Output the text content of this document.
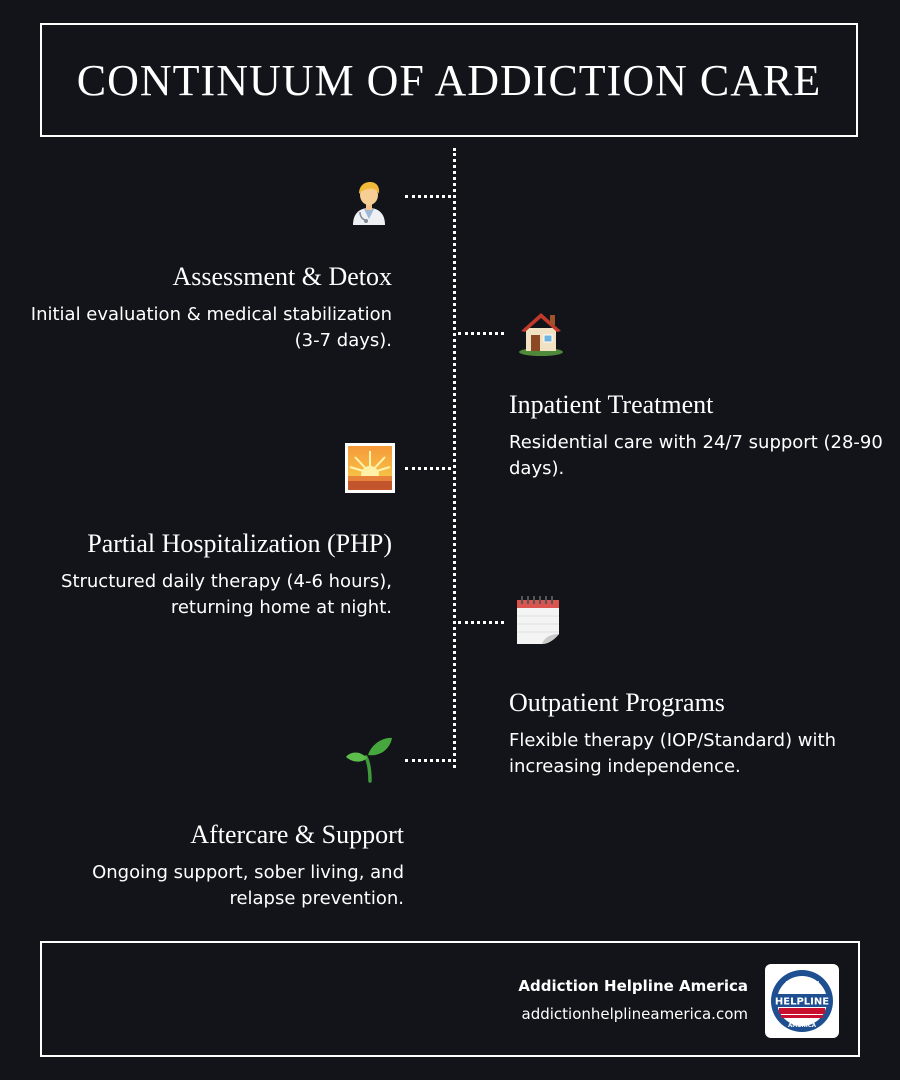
CONTINUUM OF ADDICTION CARE
Assessment & Detox

Initial evaluation & medical stabilization (3-7 days).

Inpatient Treatment

Residential care with 24/7 support (28-90 days).

Partial Hospitalization (PHP)

Structured daily therapy (4-6 hours), returning home at night.

Outpatient Programs

Flexible therapy (IOP/Standard) with increasing independence.

Aftercare & Support

Ongoing support, sober living, and relapse prevention.

Addiction Helpline America
addictionhelplineamerica.com
HELPLINE
ADDICTION
AMERICA
